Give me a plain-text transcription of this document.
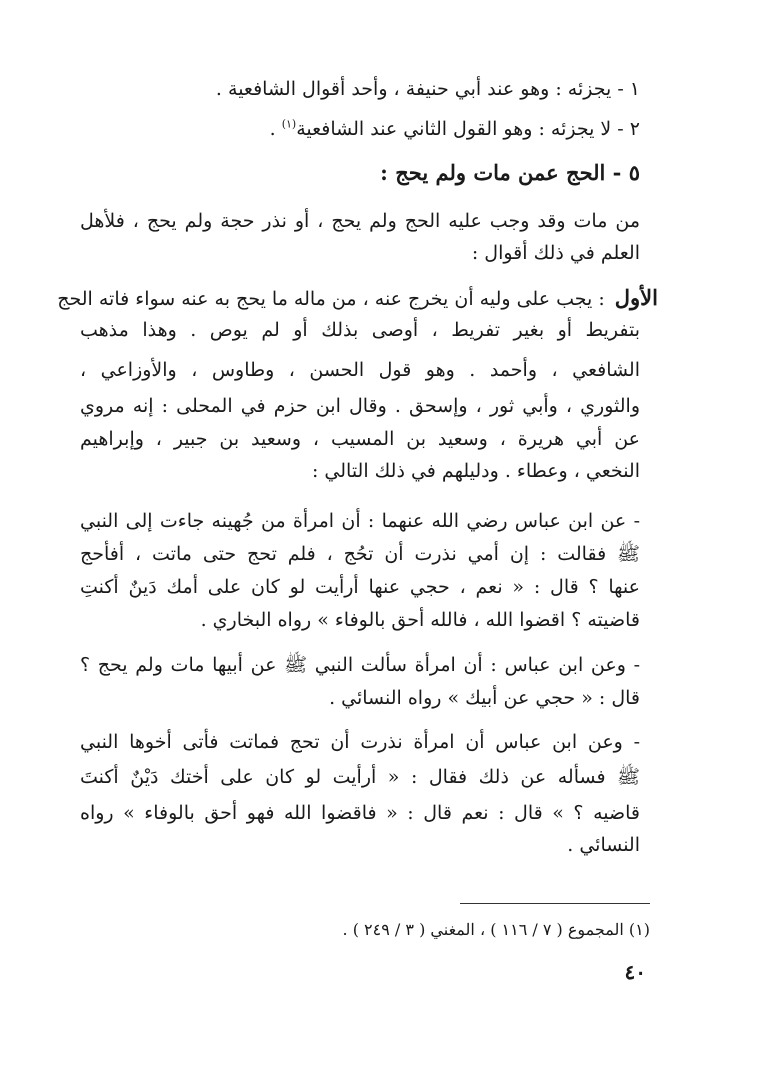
١ - يجزئه : وهو عند أبي حنيفة ، وأحد أقوال الشافعية .
٢ - لا يجزئه : وهو القول الثاني عند الشافعية$^{(١)}$ .
٥ - الحج عمن مات ولم يحج :
من مات وقد وجب عليه الحج ولم يحج ، أو نذر حجة ولم يحج ، فلأهل
العلم في ذلك أقوال :
الأول : يجب على وليه أن يخرج عنه ، من ماله ما يحج به عنه سواء فاته الحج
بتفريط أو بغير تفريط ، أوصى بذلك أو لم يوص . وهذا مذهب
الشافعي ، وأحمد . وهو قول الحسن ، وطاوس ، والأوزاعي ،
والثوري ، وأبي ثور ، وإسحق . وقال ابن حزم في المحلى : إنه مروي
عن أبي هريرة ، وسعيد بن المسيب ، وسعيد بن جبير ، وإبراهيم
النخعي ، وعطاء . ودليلهم في ذلك التالي :
- عن ابن عباس رضي الله عنهما : أن امرأة من جُهينه جاءت إلى النبي
ﷺ فقالت : إن أمي نذرت أن تحُج ، فلم تحج حتى ماتت ، أفأحج
عنها ؟ قال : « نعم ، حجي عنها أرأيت لو كان على أمك دَينٌ أكنتِ
قاضيته ؟ اقضوا الله ، فالله أحق بالوفاء » رواه البخاري .
- وعن ابن عباس : أن امرأة سألت النبي ﷺ عن أبيها مات ولم يحج ؟
قال : « حجي عن أبيك » رواه النسائي .
- وعن ابن عباس أن امرأة نذرت أن تحج فماتت فأتى أخوها النبي
ﷺ فسأله عن ذلك فقال : « أرأيت لو كان على أختك دَيْنٌ أكنتَ
قاضيه ؟ » قال : نعم قال : « فاقضوا الله فهو أحق بالوفاء » رواه
النسائي .
(١) المجموع ( ٧ / ١١٦ ) ، المغني ( ٣ / ٢٤٩ ) .
٤٠
